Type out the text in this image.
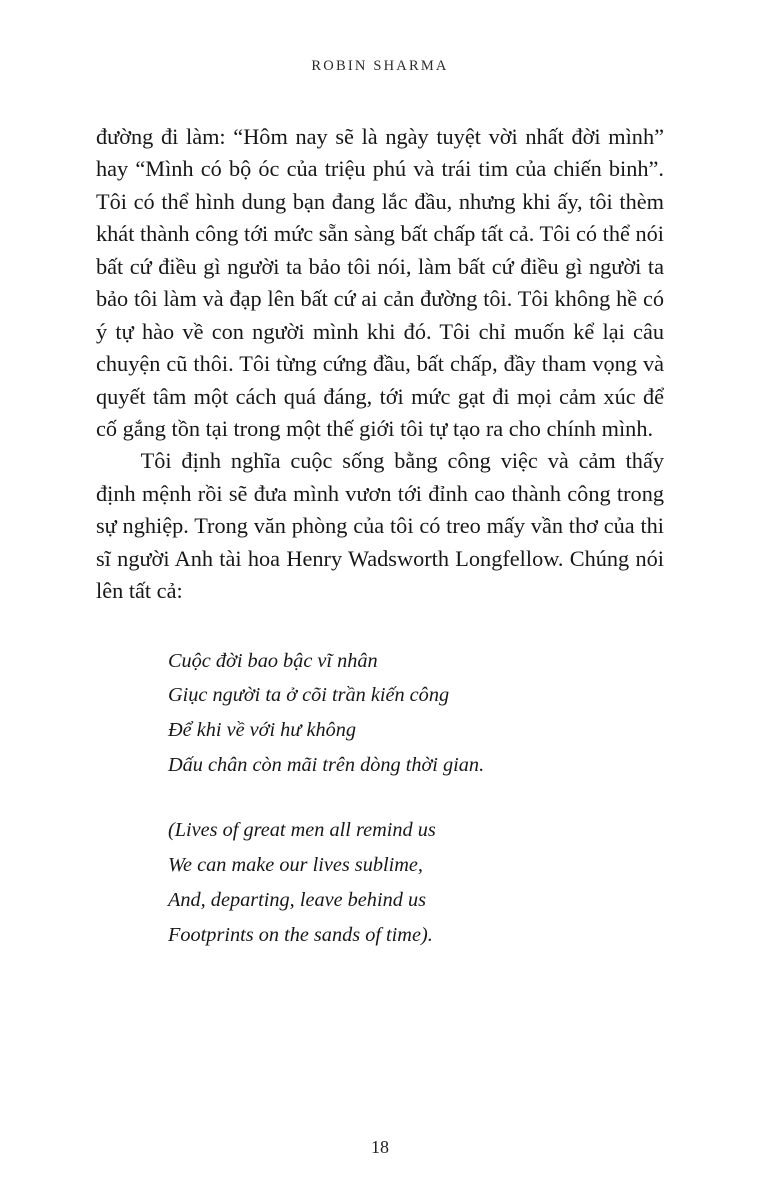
ROBIN SHARMA

đường đi làm: “Hôm nay sẽ là ngày tuyệt vời nhất đời mình” hay “Mình có bộ óc của triệu phú và trái tim của chiến binh”. Tôi có thể hình dung bạn đang lắc đầu, nhưng khi ấy, tôi thèm khát thành công tới mức sẵn sàng bất chấp tất cả. Tôi có thể nói bất cứ điều gì người ta bảo tôi nói, làm bất cứ điều gì người ta bảo tôi làm và đạp lên bất cứ ai cản đường tôi. Tôi không hề có ý tự hào về con người mình khi đó. Tôi chỉ muốn kể lại câu chuyện cũ thôi. Tôi từng cứng đầu, bất chấp, đầy tham vọng và quyết tâm một cách quá đáng, tới mức gạt đi mọi cảm xúc để cố gắng tồn tại trong một thế giới tôi tự tạo ra cho chính mình.

Tôi định nghĩa cuộc sống bằng công việc và cảm thấy định mệnh rồi sẽ đưa mình vươn tới đỉnh cao thành công trong sự nghiệp. Trong văn phòng của tôi có treo mấy vần thơ của thi sĩ người Anh tài hoa Henry Wadsworth Longfellow. Chúng nói lên tất cả:

Cuộc đời bao bậc vĩ nhân
Giục người ta ở cõi trần kiến công
Để khi về với hư không
Dấu chân còn mãi trên dòng thời gian.
(Lives of great men all remind us
We can make our lives sublime,
And, departing, leave behind us
Footprints on the sands of time).
18
